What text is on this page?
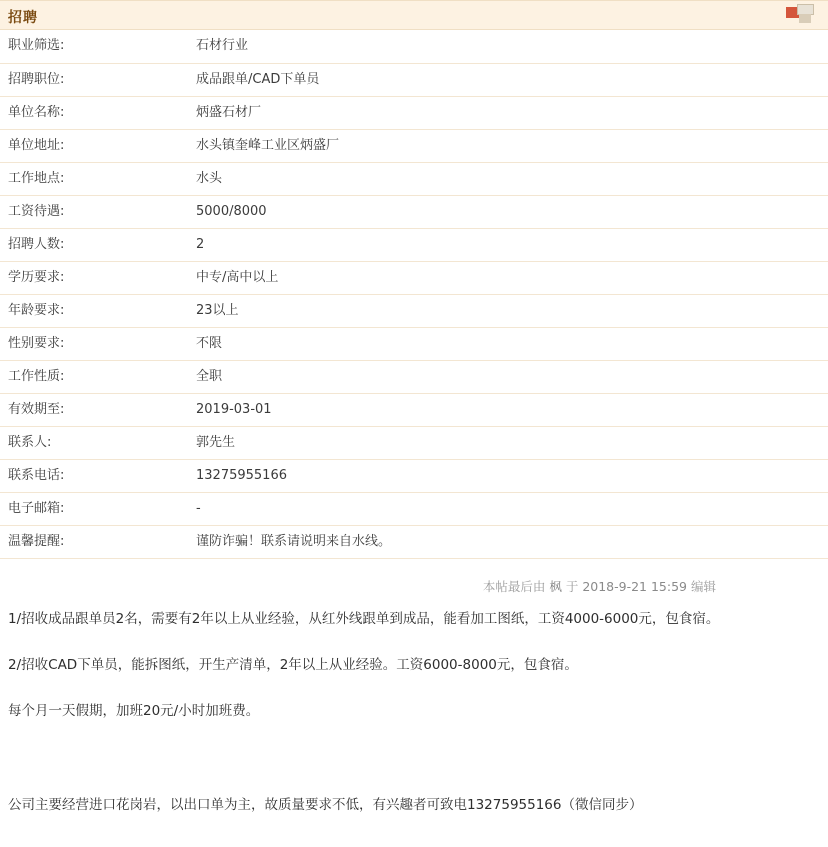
招聘
职业筛选:	石材行业
招聘职位:	成品跟单/CAD下单员
单位名称:	炳盛石材厂
单位地址:	水头镇奎峰工业区炳盛厂
工作地点:	水头
工资待遇:	5000/8000
招聘人数:	2
学历要求:	中专/高中以上
年龄要求:	23以上
性别要求:	不限
工作性质:	全职
有效期至:	2019-03-01
联系人:	郭先生
联系电话:	13275955166
电子邮箱:	-
温馨提醒:	谨防诈骗！联系请说明来自水线。
本帖最后由 枫 于 2018-9-21 15:59 编辑

1/招收成品跟单员2名，需要有2年以上从业经验，从红外线跟单到成品，能看加工图纸，工资4000-6000元，包食宿。

2/招收CAD下单员，能拆图纸，开生产清单，2年以上从业经验。工资6000-8000元，包食宿。

每个月一天假期，加班20元/小时加班费。

公司主要经营进口花岗岩，以出口单为主，故质量要求不低，有兴趣者可致电13275955166（徵信同步）
